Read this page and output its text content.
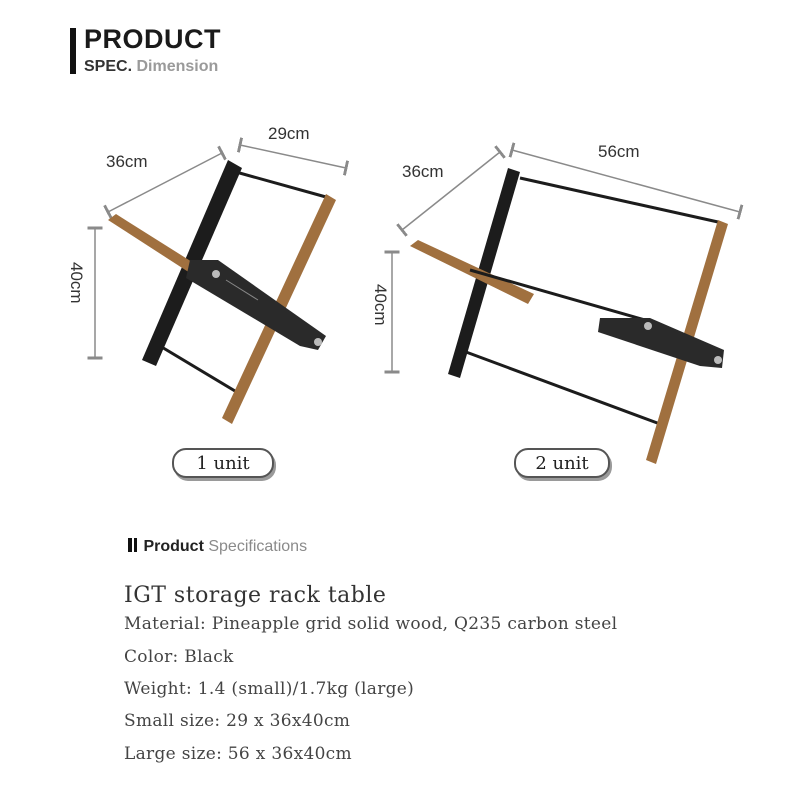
PRODUCT
SPEC. Dimension
36cm
29cm
40cm
36cm
56cm
40cm
1 unit	2 unit
Product Specifications
IGT storage rack table
Material: Pineapple grid solid wood, Q235 carbon steel
Color: Black
Weight: 1.4 (small)/1.7kg (large)
Small size: 29 x 36x40cm
Large size: 56 x 36x40cm
